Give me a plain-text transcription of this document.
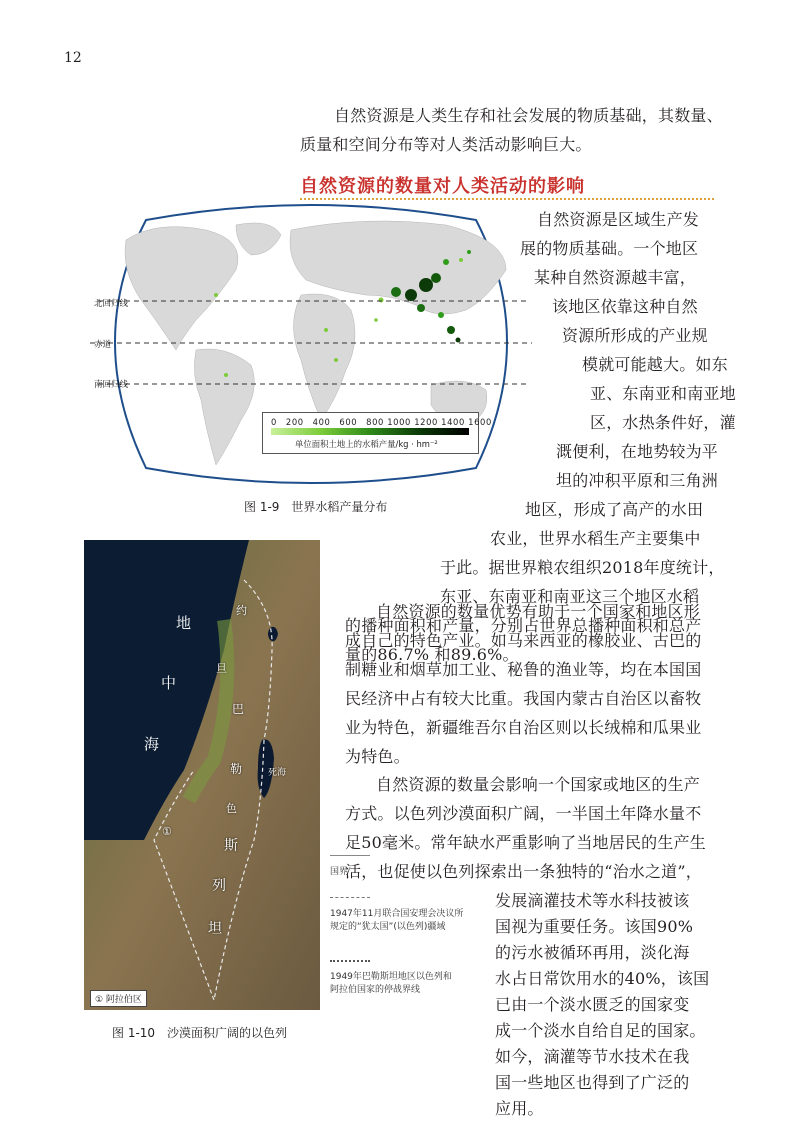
12

自然资源是人类生存和社会发展的物质基础，其数量、

质量和空间分布等对人类活动影响巨大。

自然资源的数量对人类活动的影响
北回归线
赤道
南回归线
0　200　400　600　800 1000 1200 1400 1600
单位面积土地上的水稻产量/kg · hm⁻²
图 1-9　世界水稻产量分布

自然资源是区域生产发

展的物质基础。一个地区

某种自然资源越丰富，

该地区依靠这种自然

资源所形成的产业规

模就可能越大。如东

亚、东南亚和南亚地

区，水热条件好，灌

溉便利，在地势较为平

坦的冲积平原和三角洲

地区，形成了高产的水田

农业，世界水稻生产主要集中

于此。据世界粮农组织2018年度统计，

东亚、东南亚和南亚这三个地区水稻

的播种面积和产量，分别占世界总播种面积和总产

量的86.7% 和89.6%。

地
中
海
巴
勒
斯
列
坦
约
旦
色
死海
①
① 阿拉伯区
国界
1947年11月联合国安理会决议所
规定的“犹太国”(以色列)疆域
1949年巴勒斯坦地区以色列和
阿拉伯国家的停战界线
图 1-10　沙漠面积广阔的以色列

自然资源的数量优势有助于一个国家和地区形

成自己的特色产业。如马来西亚的橡胶业、古巴的

制糖业和烟草加工业、秘鲁的渔业等，均在本国国

民经济中占有较大比重。我国内蒙古自治区以畜牧

业为特色，新疆维吾尔自治区则以长绒棉和瓜果业

为特色。

自然资源的数量会影响一个国家或地区的生产

方式。以色列沙漠面积广阔，一半国土年降水量不

足50毫米。常年缺水严重影响了当地居民的生产生

活，也促使以色列探索出一条独特的“治水之道”，

发展滴灌技术等水科技被该

国视为重要任务。该国90%

的污水被循环再用，淡化海

水占日常饮用水的40%，该国

已由一个淡水匮乏的国家变

成一个淡水自给自足的国家。

如今，滴灌等节水技术在我

国一些地区也得到了广泛的

应用。
